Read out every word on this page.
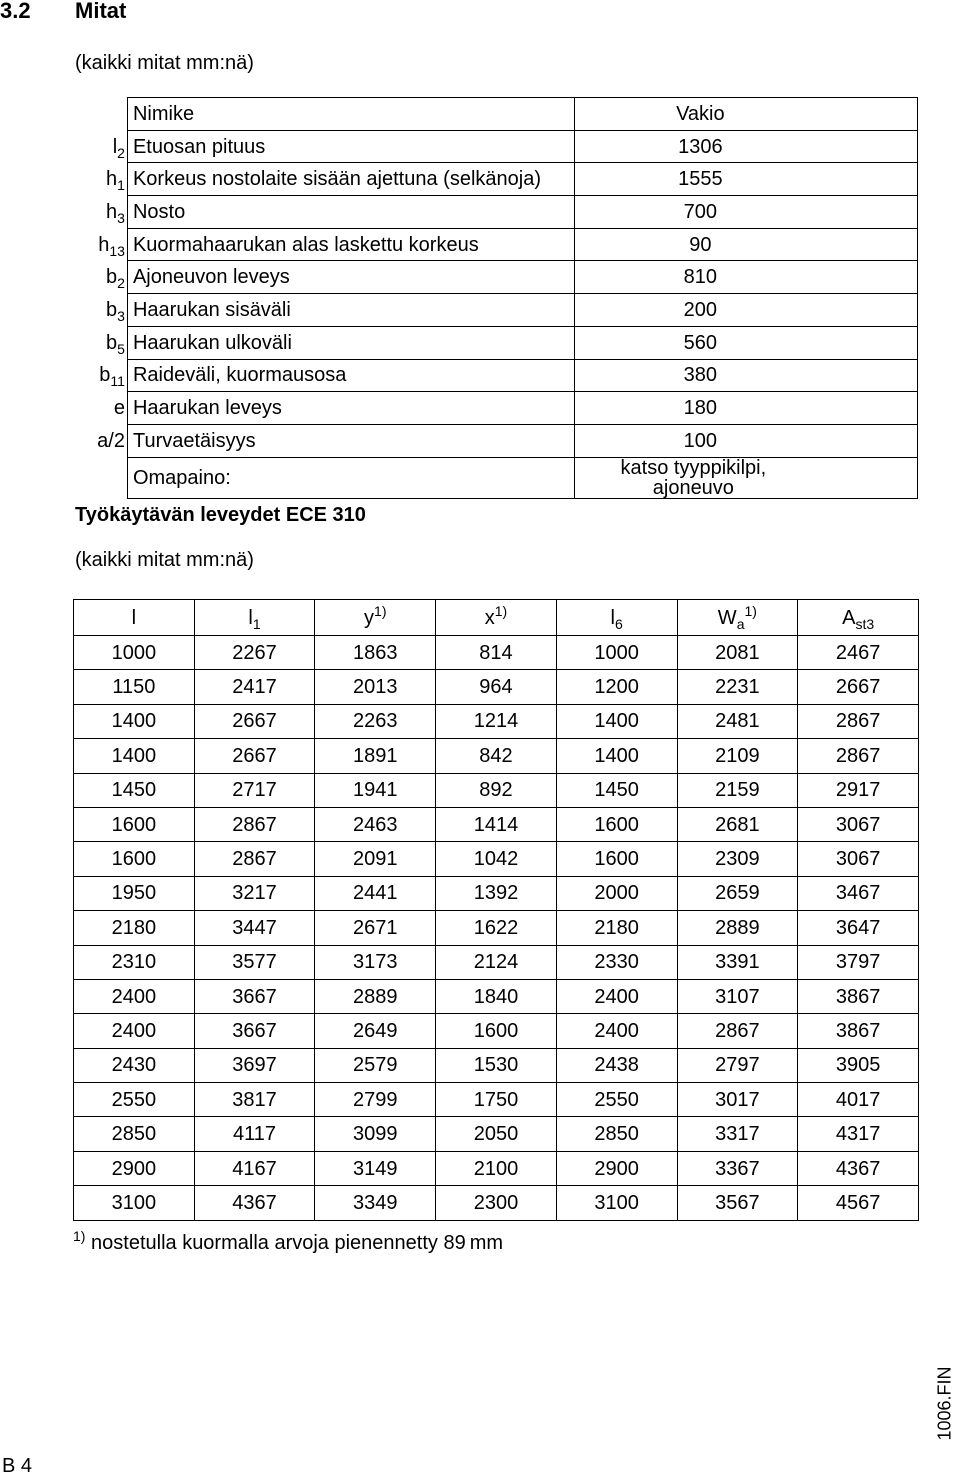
3.2 Mitat
(kaikki mitat mm:nä)
	Nimike	Vakio
$l_2$	Etuosan pituus	1306
$h_1$	Korkeus nostolaite sisään ajettuna (selkänoja)	1555
$h_3$	Nosto	700
$h_{13}$	Kuormahaarukan alas laskettu korkeus	90
$b_2$	Ajoneuvon leveys	810
$b_3$	Haarukan sisäväli	200
$b_5$	Haarukan ulkoväli	560
$b_{11}$	Raideväli, kuormausosa	380
e	Haarukan leveys	180
a/2	Turvaetäisyys	100
	Omapaino:	katso tyyppikilpi, ajoneuvo
Työkäytävän leveydet ECE 310
(kaikki mitat mm:nä)
l	$l_1$	$y^{1)}$	$x^{1)}$	$l_6$	$W_a^{1)}$	$A_{st3}$
1000	2267	1863	814	1000	2081	2467
1150	2417	2013	964	1200	2231	2667
1400	2667	2263	1214	1400	2481	2867
1400	2667	1891	842	1400	2109	2867
1450	2717	1941	892	1450	2159	2917
1600	2867	2463	1414	1600	2681	3067
1600	2867	2091	1042	1600	2309	3067
1950	3217	2441	1392	2000	2659	3467
2180	3447	2671	1622	2180	2889	3647
2310	3577	3173	2124	2330	3391	3797
2400	3667	2889	1840	2400	3107	3867
2400	3667	2649	1600	2400	2867	3867
2430	3697	2579	1530	2438	2797	3905
2550	3817	2799	1750	2550	3017	4017
2850	4117	3099	2050	2850	3317	4317
2900	4167	3149	2100	2900	3367	4367
3100	4367	3349	2300	3100	3567	4567
$^{1)}$ nostetulla kuormalla arvoja pienennetty 89 mm
1006.FIN
B 4
